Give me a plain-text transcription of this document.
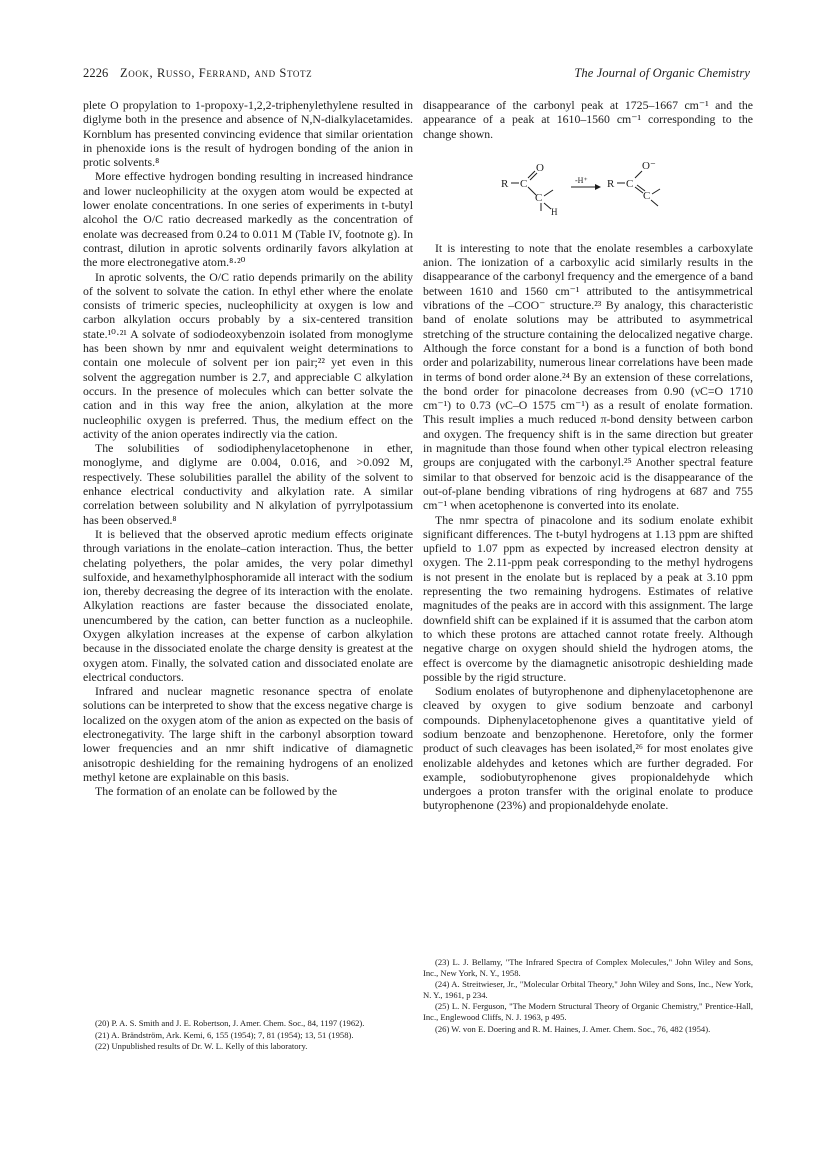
2226 Zook, Russo, Ferrand, and Stotz	The Journal of Organic Chemistry

plete O propylation to 1-propoxy-1,2,2-triphenylethylene resulted in diglyme both in the presence and absence of N,N-dialkylacetamides. Kornblum has presented convincing evidence that similar orientation in phenoxide ions is the result of hydrogen bonding of the anion in protic solvents.⁸

More effective hydrogen bonding resulting in increased hindrance and lower nucleophilicity at the oxygen atom would be expected at lower enolate concentrations. In one series of experiments in t-butyl alcohol the O/C ratio decreased markedly as the concentration of enolate was decreased from 0.24 to 0.011 M (Table IV, footnote g). In contrast, dilution in aprotic solvents ordinarily favors alkylation at the more electronegative atom.⁸·²⁰

In aprotic solvents, the O/C ratio depends primarily on the ability of the solvent to solvate the cation. In ethyl ether where the enolate consists of trimeric species, nucleophilicity at oxygen is low and carbon alkylation occurs probably by a six-centered transition state.¹⁰·²¹ A solvate of sodiodeoxybenzoin isolated from monoglyme has been shown by nmr and equivalent weight determinations to contain one molecule of solvent per ion pair;²² yet even in this solvent the aggregation number is 2.7, and appreciable C alkylation occurs. In the presence of molecules which can better solvate the cation and in this way free the anion, alkylation at the more nucleophilic oxygen is preferred. Thus, the medium effect on the activity of the anion operates indirectly via the cation.

The solubilities of sodiodiphenylacetophenone in ether, monoglyme, and diglyme are 0.004, 0.016, and >0.092 M, respectively. These solubilities parallel the ability of the solvent to enhance electrical conductivity and alkylation rate. A similar correlation between solubility and N alkylation of pyrrylpotassium has been observed.⁸

It is believed that the observed aprotic medium effects originate through variations in the enolate–cation interaction. Thus, the better chelating polyethers, the polar amides, the very polar dimethyl sulfoxide, and hexamethylphosphoramide all interact with the sodium ion, thereby decreasing the degree of its interaction with the enolate. Alkylation reactions are faster because the dissociated enolate, unencumbered by the cation, can better function as a nucleophile. Oxygen alkylation increases at the expense of carbon alkylation because in the dissociated enolate the charge density is greatest at the oxygen atom. Finally, the solvated cation and dissociated enolate are electrical conductors.

Infrared and nuclear magnetic resonance spectra of enolate solutions can be interpreted to show that the excess negative charge is localized on the oxygen atom of the anion as expected on the basis of electronegativity. The large shift in the carbonyl absorption toward lower frequencies and an nmr shift indicative of diamagnetic anisotropic deshielding for the remaining hydrogens of an enolized methyl ketone are explainable on this basis.

The formation of an enolate can be followed by the

(20) P. A. S. Smith and J. E. Robertson, J. Amer. Chem. Soc., 84, 1197 (1962).

(21) A. Brändström, Ark. Kemi, 6, 155 (1954); 7, 81 (1954); 13, 51 (1958).

(22) Unpublished results of Dr. W. L. Kelly of this laboratory.

disappearance of the carbonyl peak at 1725–1667 cm⁻¹ and the appearance of a peak at 1610–1560 cm⁻¹ corresponding to the change shown.

R C
O
C
H
-H⁺ R C
O⁻
C

It is interesting to note that the enolate resembles a carboxylate anion. The ionization of a carboxylic acid similarly results in the disappearance of the carbonyl frequency and the emergence of a band between 1610 and 1560 cm⁻¹ attributed to the antisymmetrical vibrations of the –COO⁻ structure.²³ By analogy, this characteristic band of enolate solutions may be attributed to asymmetrical stretching of the structure containing the delocalized negative charge. Although the force constant for a bond is a function of both bond order and polarizability, numerous linear correlations have been made in terms of bond order alone.²⁴ By an extension of these correlations, the bond order for pinacolone decreases from 0.90 (νC=O 1710 cm⁻¹) to 0.73 (νC–O 1575 cm⁻¹) as a result of enolate formation. This result implies a much reduced π-bond density between carbon and oxygen. The frequency shift is in the same direction but greater in magnitude than those found when other typical electron releasing groups are conjugated with the carbonyl.²⁵ Another spectral feature similar to that observed for benzoic acid is the disappearance of the out-of-plane bending vibrations of ring hydrogens at 687 and 755 cm⁻¹ when acetophenone is converted into its enolate.

The nmr spectra of pinacolone and its sodium enolate exhibit significant differences. The t-butyl hydrogens at 1.13 ppm are shifted upfield to 1.07 ppm as expected by increased electron density at oxygen. The 2.11-ppm peak corresponding to the methyl hydrogens is not present in the enolate but is replaced by a peak at 3.10 ppm representing the two remaining hydrogens. Estimates of relative magnitudes of the peaks are in accord with this assignment. The large downfield shift can be explained if it is assumed that the carbon atom to which these protons are attached cannot rotate freely. Although negative charge on oxygen should shield the hydrogen atoms, the effect is overcome by the diamagnetic anisotropic deshielding made possible by the rigid structure.

Sodium enolates of butyrophenone and diphenylacetophenone are cleaved by oxygen to give sodium benzoate and carbonyl compounds. Diphenylacetophenone gives a quantitative yield of sodium benzoate and benzophenone. Heretofore, only the former product of such cleavages has been isolated,²⁶ for most enolates give enolizable aldehydes and ketones which are further degraded. For example, sodiobutyrophenone gives propionaldehyde which undergoes a proton transfer with the original enolate to produce butyrophenone (23%) and propionaldehyde enolate.

(23) L. J. Bellamy, "The Infrared Spectra of Complex Molecules," John Wiley and Sons, Inc., New York, N. Y., 1958.

(24) A. Streitwieser, Jr., "Molecular Orbital Theory," John Wiley and Sons, Inc., New York, N. Y., 1961, p 234.

(25) L. N. Ferguson, "The Modern Structural Theory of Organic Chemistry," Prentice-Hall, Inc., Englewood Cliffs, N. J. 1963, p 495.

(26) W. von E. Doering and R. M. Haines, J. Amer. Chem. Soc., 76, 482 (1954).
